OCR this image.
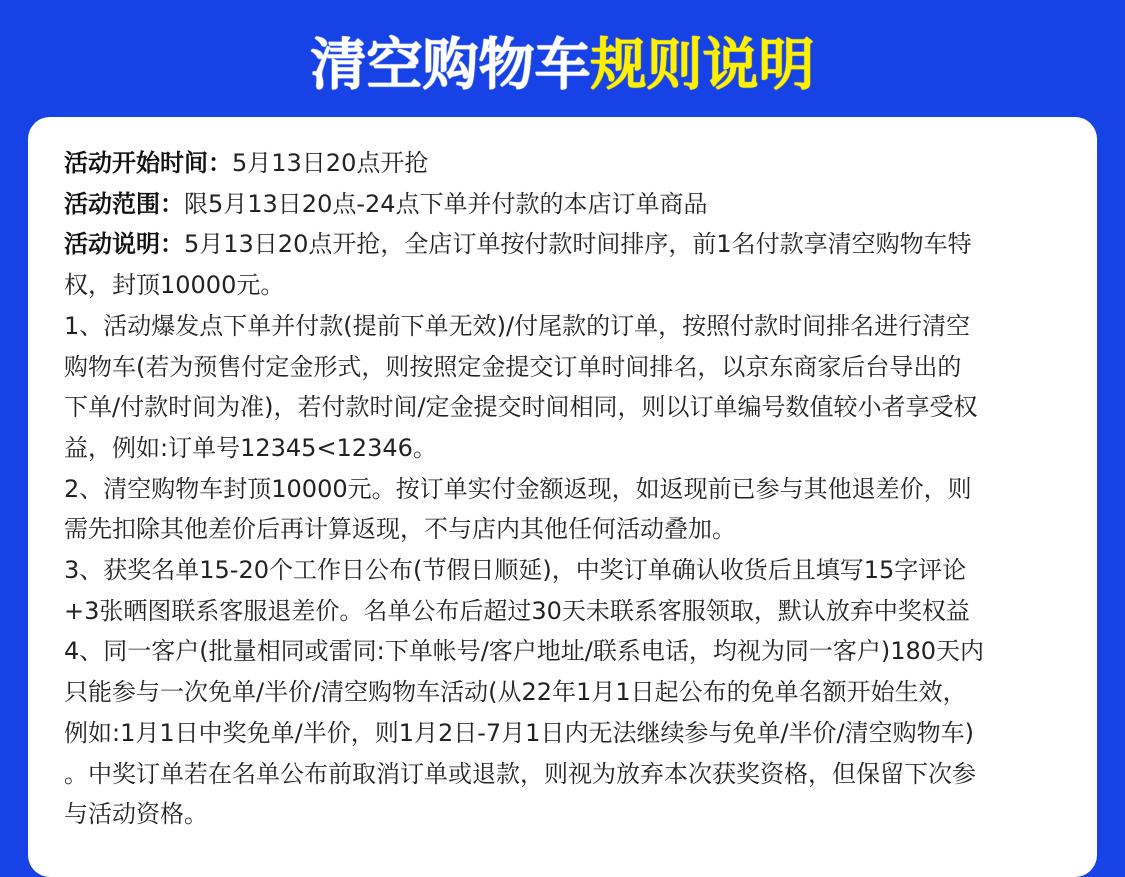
清空购物车规则说明
活动开始时间：5月13日20点开抢
活动范围：限5月13日20点-24点下单并付款的本店订单商品
活动说明：5月13日20点开抢，全店订单按付款时间排序，前1名付款享清空购物车特
权，封顶10000元。
1、活动爆发点下单并付款(提前下单无效)/付尾款的订单，按照付款时间排名进行清空
购物车(若为预售付定金形式，则按照定金提交订单时间排名，以京东商家后台导出的
下单/付款时间为准)，若付款时间/定金提交时间相同，则以订单编号数值较小者享受权
益，例如:订单号12345<12346。
2、清空购物车封顶10000元。按订单实付金额返现，如返现前已参与其他退差价，则
需先扣除其他差价后再计算返现，不与店内其他任何活动叠加。
3、获奖名单15-20个工作日公布(节假日顺延)，中奖订单确认收货后且填写15字评论
+3张晒图联系客服退差价。名单公布后超过30天未联系客服领取，默认放弃中奖权益
4、同一客户(批量相同或雷同:下单帐号/客户地址/联系电话，均视为同一客户)180天内
只能参与一次免单/半价/清空购物车活动(从22年1月1日起公布的免单名额开始生效，
例如:1月1日中奖免单/半价，则1月2日-7月1日内无法继续参与免单/半价/清空购物车)
。中奖订单若在名单公布前取消订单或退款，则视为放弃本次获奖资格，但保留下次参
与活动资格。
